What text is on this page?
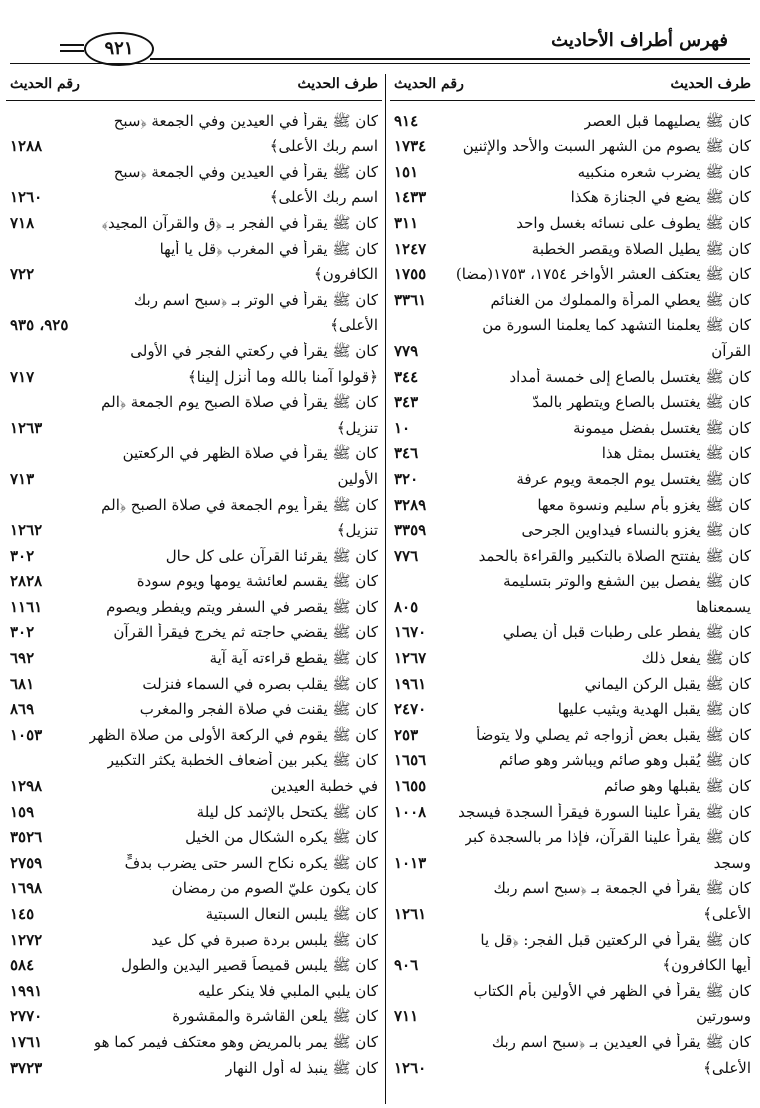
٩٢١	فهرس أطراف الأحاديث
طرف الحديث
رقم الحديث
كان ﷺ يصليهما قبل العصر
٩١٤
كان ﷺ يصوم من الشهر السبت والأحد والإثنين
١٧٣٤
كان ﷺ يضرب شعره منكبيه
١٥١
كان ﷺ يضع في الجنازة هكذا
١٤٣٣
كان ﷺ يطوف على نسائه بغسل واحد
٣١١
كان ﷺ يطيل الصلاة ويقصر الخطبة
١٢٤٧
كان ﷺ يعتكف العشر الأواخر ١٧٥٤، ١٧٥٣(مضا)
١٧٥٥
كان ﷺ يعطي المرأة والمملوك من الغنائم
٣٣٦١
كان ﷺ يعلمنا التشهد كما يعلمنا السورة من
القرآن
٧٧٩
كان ﷺ يغتسل بالصاع إلى خمسة أمداد
٣٤٤
كان ﷺ يغتسل بالصاع ويتطهر بالمدّ
٣٤٣
كان ﷺ يغتسل بفضل ميمونة
١٠
كان ﷺ يغتسل بمثل هذا
٣٤٦
كان ﷺ يغتسل يوم الجمعة ويوم عرفة
٣٢٠
كان ﷺ يغزو بأم سليم ونسوة معها
٣٢٨٩
كان ﷺ يغزو بالنساء فيداوين الجرحى
٣٣٥٩
كان ﷺ يفتتح الصلاة بالتكبير والقراءة بالحمد
٧٧٦
كان ﷺ يفصل بين الشفع والوتر بتسليمة
يسمعناها
٨٠٥
كان ﷺ يفطر على رطبات قبل أن يصلي
١٦٧٠
كان ﷺ يفعل ذلك
١٢٦٧
كان ﷺ يقبل الركن اليماني
١٩٦١
كان ﷺ يقبل الهدية ويثيب عليها
٢٤٧٠
كان ﷺ يقبل بعض أزواجه ثم يصلي ولا يتوضأ
٢٥٣
كان ﷺ يُقبل وهو صائم ويباشر وهو صائم
١٦٥٦
كان ﷺ يقبلها وهو صائم
١٦٥٥
كان ﷺ يقرأ علينا السورة فيقرأ السجدة فيسجد
١٠٠٨
كان ﷺ يقرأ علينا القرآن، فإذا مر بالسجدة كبر
وسجد
١٠١٣
كان ﷺ يقرأ في الجمعة بـ ﴿سبح اسم ربك
الأعلى﴾
١٢٦١
كان ﷺ يقرأ في الركعتين قبل الفجر: ﴿قل يا
أيها الكافرون﴾
٩٠٦
كان ﷺ يقرأ في الظهر في الأولين بأم الكتاب
وسورتين
٧١١
كان ﷺ يقرأ في العيدين بـ ﴿سبح اسم ربك
الأعلى﴾
١٢٦٠
طرف الحديث
رقم الحديث
كان ﷺ يقرأ في العيدين وفي الجمعة ﴿سبح
اسم ربك الأعلى﴾
١٢٨٨
كان ﷺ يقرأ في العيدين وفي الجمعة ﴿سبح
اسم ربك الأعلى﴾
١٢٦٠
كان ﷺ يقرأ في الفجر بـ ﴿ق والقرآن المجيد﴾
٧١٨
كان ﷺ يقرأ في المغرب ﴿قل يا أيها
الكافرون﴾
٧٢٢
كان ﷺ يقرأ في الوتر بـ ﴿سبح اسم ربك
الأعلى﴾
٩٢٥، ٩٣٥
كان ﷺ يقرأ في ركعتي الفجر في الأولى
﴿قولوا آمنا بالله وما أنزل إلينا﴾
٧١٧
كان ﷺ يقرأ في صلاة الصبح يوم الجمعة ﴿الم
تنزيل﴾
١٢٦٣
كان ﷺ يقرأ في صلاة الظهر في الركعتين
الأولين
٧١٣
كان ﷺ يقرأ يوم الجمعة في صلاة الصبح ﴿الم
تنزيل﴾
١٢٦٢
كان ﷺ يقرئنا القرآن على كل حال
٣٠٢
كان ﷺ يقسم لعائشة يومها ويوم سودة
٢٨٢٨
كان ﷺ يقصر في السفر ويتم ويفطر ويصوم
١١٦١
كان ﷺ يقضي حاجته ثم يخرج فيقرأ القرآن
٣٠٢
كان ﷺ يقطع قراءته آية آية
٦٩٢
كان ﷺ يقلب بصره في السماء فنزلت
٦٨١
كان ﷺ يقنت في صلاة الفجر والمغرب
٨٦٩
كان ﷺ يقوم في الركعة الأولى من صلاة الظهر
١٠٥٣
كان ﷺ يكبر بين أضعاف الخطبة يكثر التكبير
في خطبة العيدين
١٢٩٨
كان ﷺ يكتحل بالإثمد كل ليلة
١٥٩
كان ﷺ يكره الشكال من الخيل
٣٥٢٦
كان ﷺ يكره نكاح السر حتى يضرب بدفٍّ
٢٧٥٩
كان يكون عليّ الصوم من رمضان
١٦٩٨
كان ﷺ يلبس النعال السبتية
١٤٥
كان ﷺ يلبس بردة صبرة في كل عيد
١٢٧٢
كان ﷺ يلبس قميصاً قصير اليدين والطول
٥٨٤
كان يلبي الملبي فلا ينكر عليه
١٩٩١
كان ﷺ يلعن القاشرة والمقشورة
٢٧٧٠
كان ﷺ يمر بالمريض وهو معتكف فيمر كما هو
١٧٦١
كان ﷺ ينبذ له أول النهار
٣٧٢٣
